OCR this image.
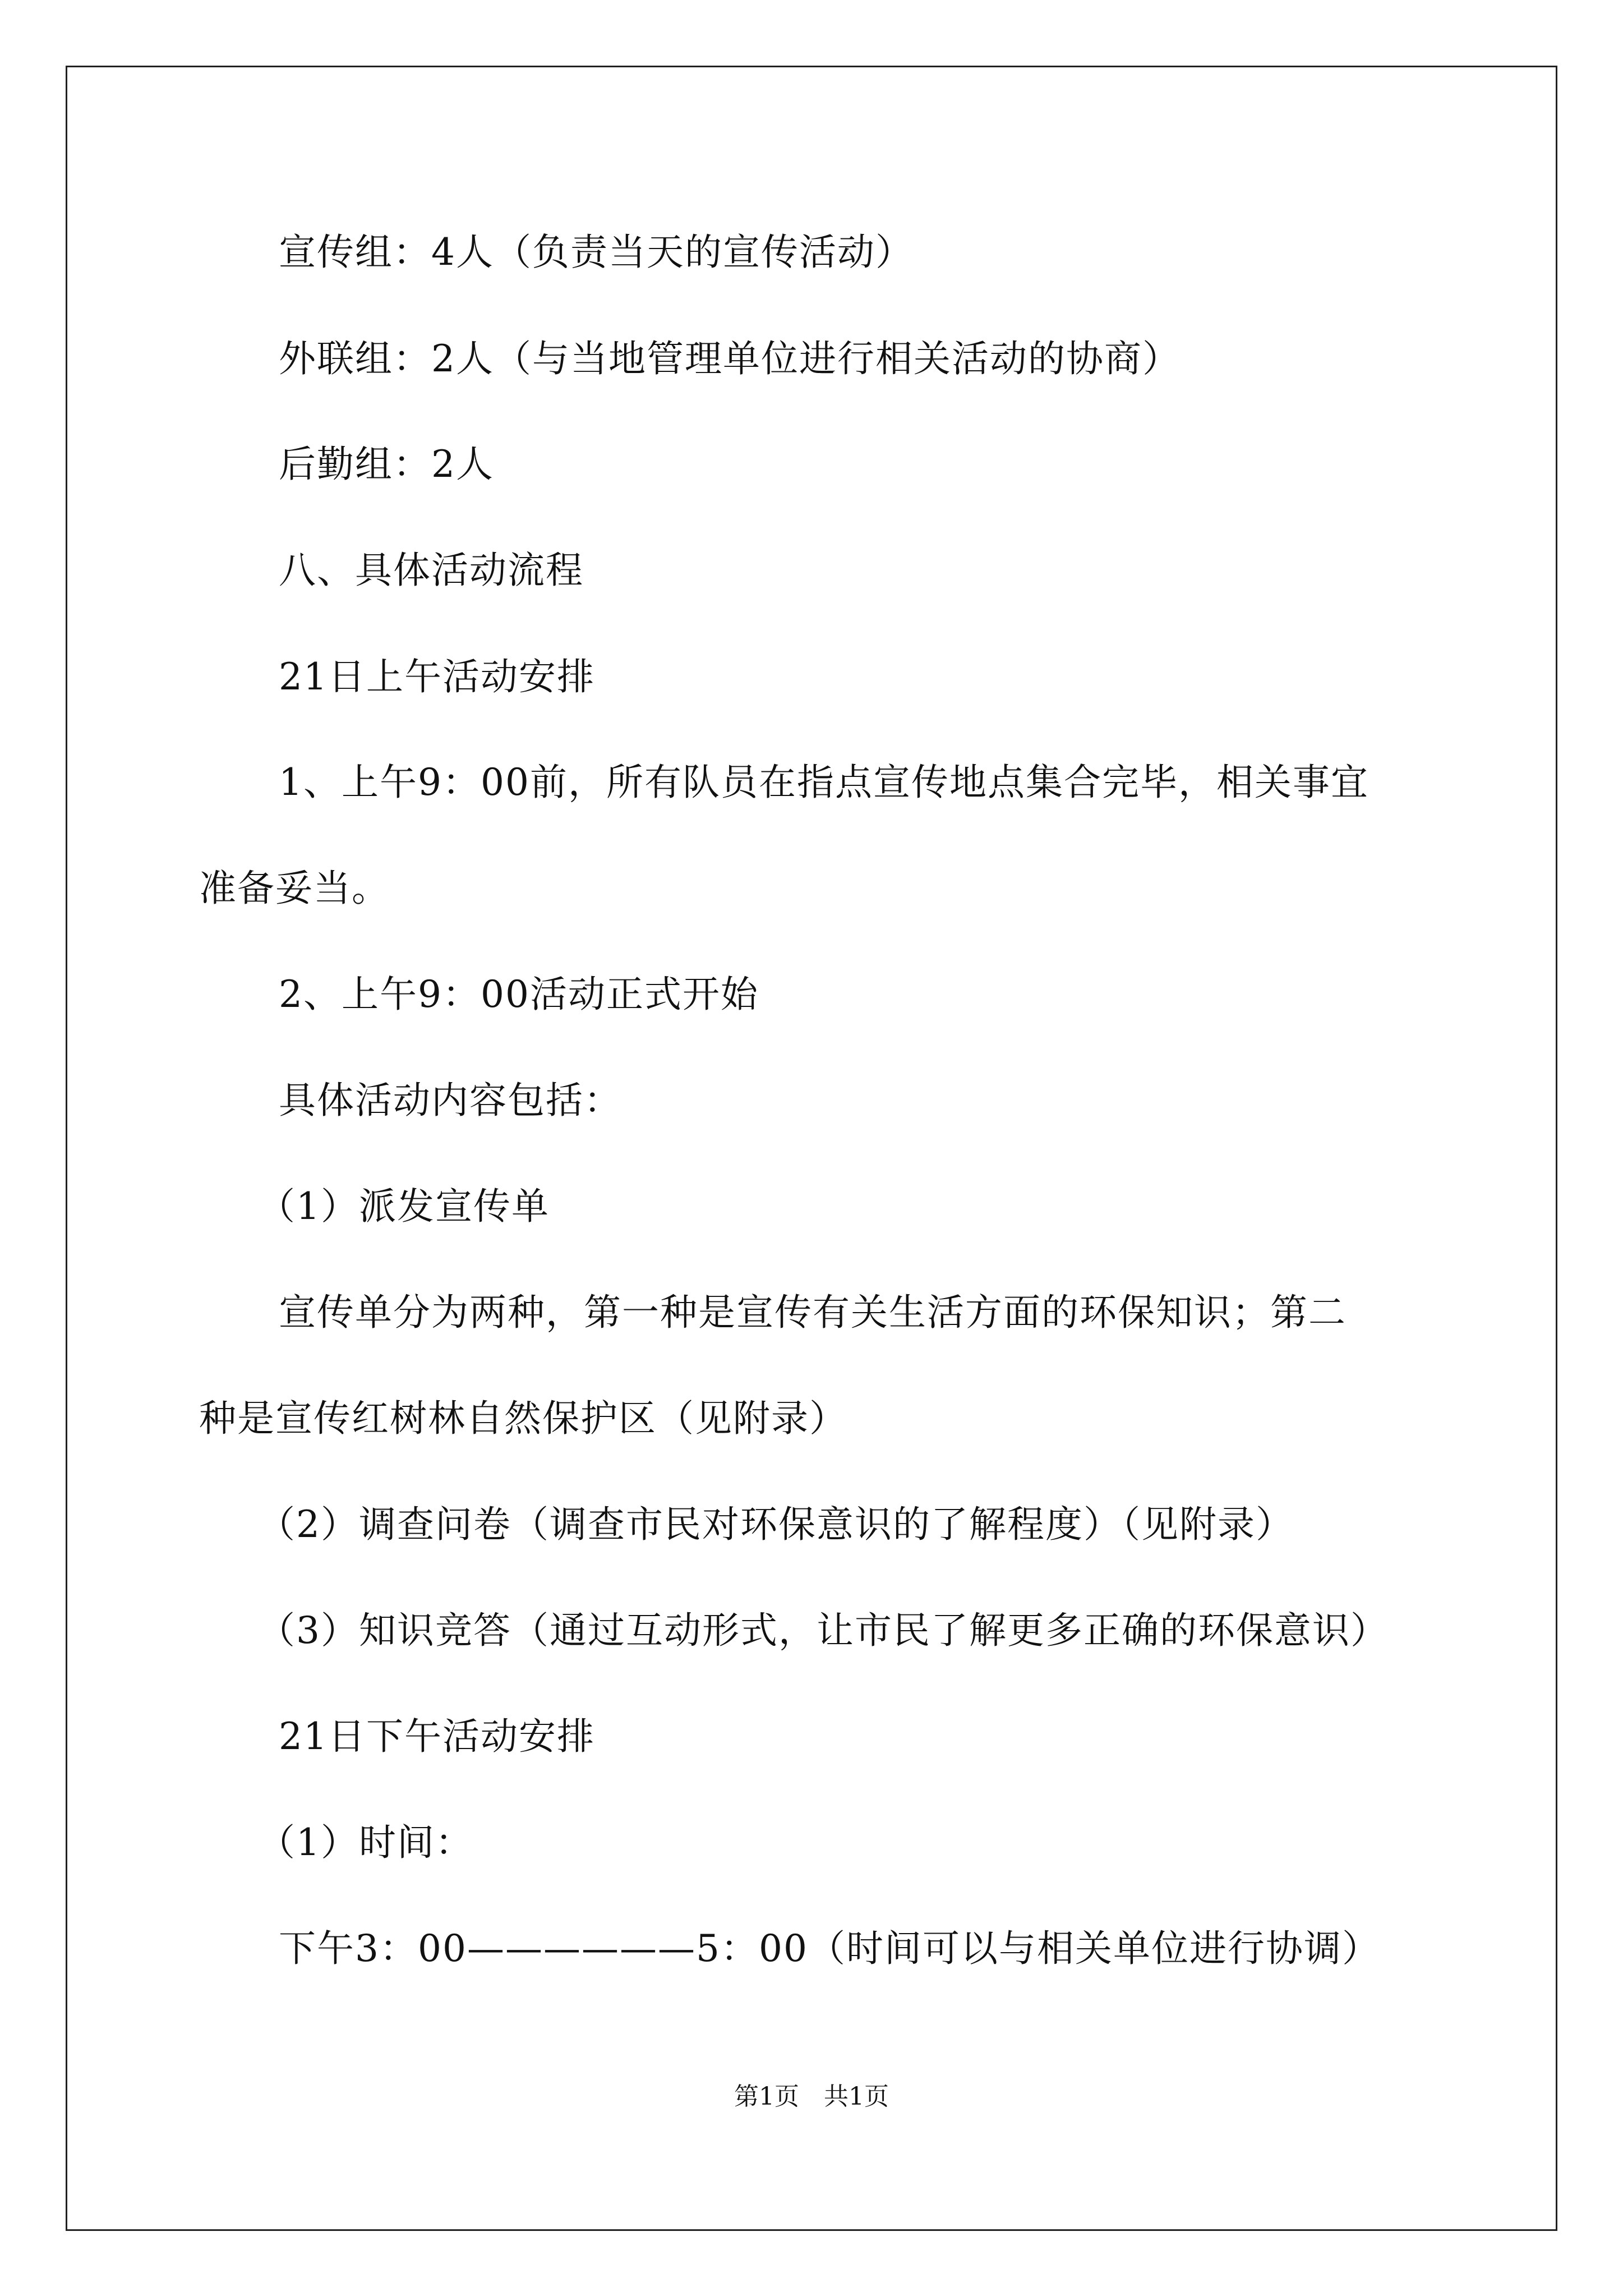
宣传组：4人（负责当天的宣传活动）
外联组：2人（与当地管理单位进行相关活动的协商）
后勤组：2人
八、具体活动流程
21日上午活动安排
1、上午9：00前，所有队员在指点宣传地点集合完毕，相关事宜
准备妥当。
2、上午9：00活动正式开始
具体活动内容包括：
（1）派发宣传单
宣传单分为两种，第一种是宣传有关生活方面的环保知识；第二
种是宣传红树林自然保护区（见附录）
（2）调查问卷（调查市民对环保意识的了解程度）（见附录）
（3）知识竞答（通过互动形式，让市民了解更多正确的环保意识）
21日下午活动安排
（1）时间：
下午3：00——————5：00（时间可以与相关单位进行协调）
第1页　共1页
